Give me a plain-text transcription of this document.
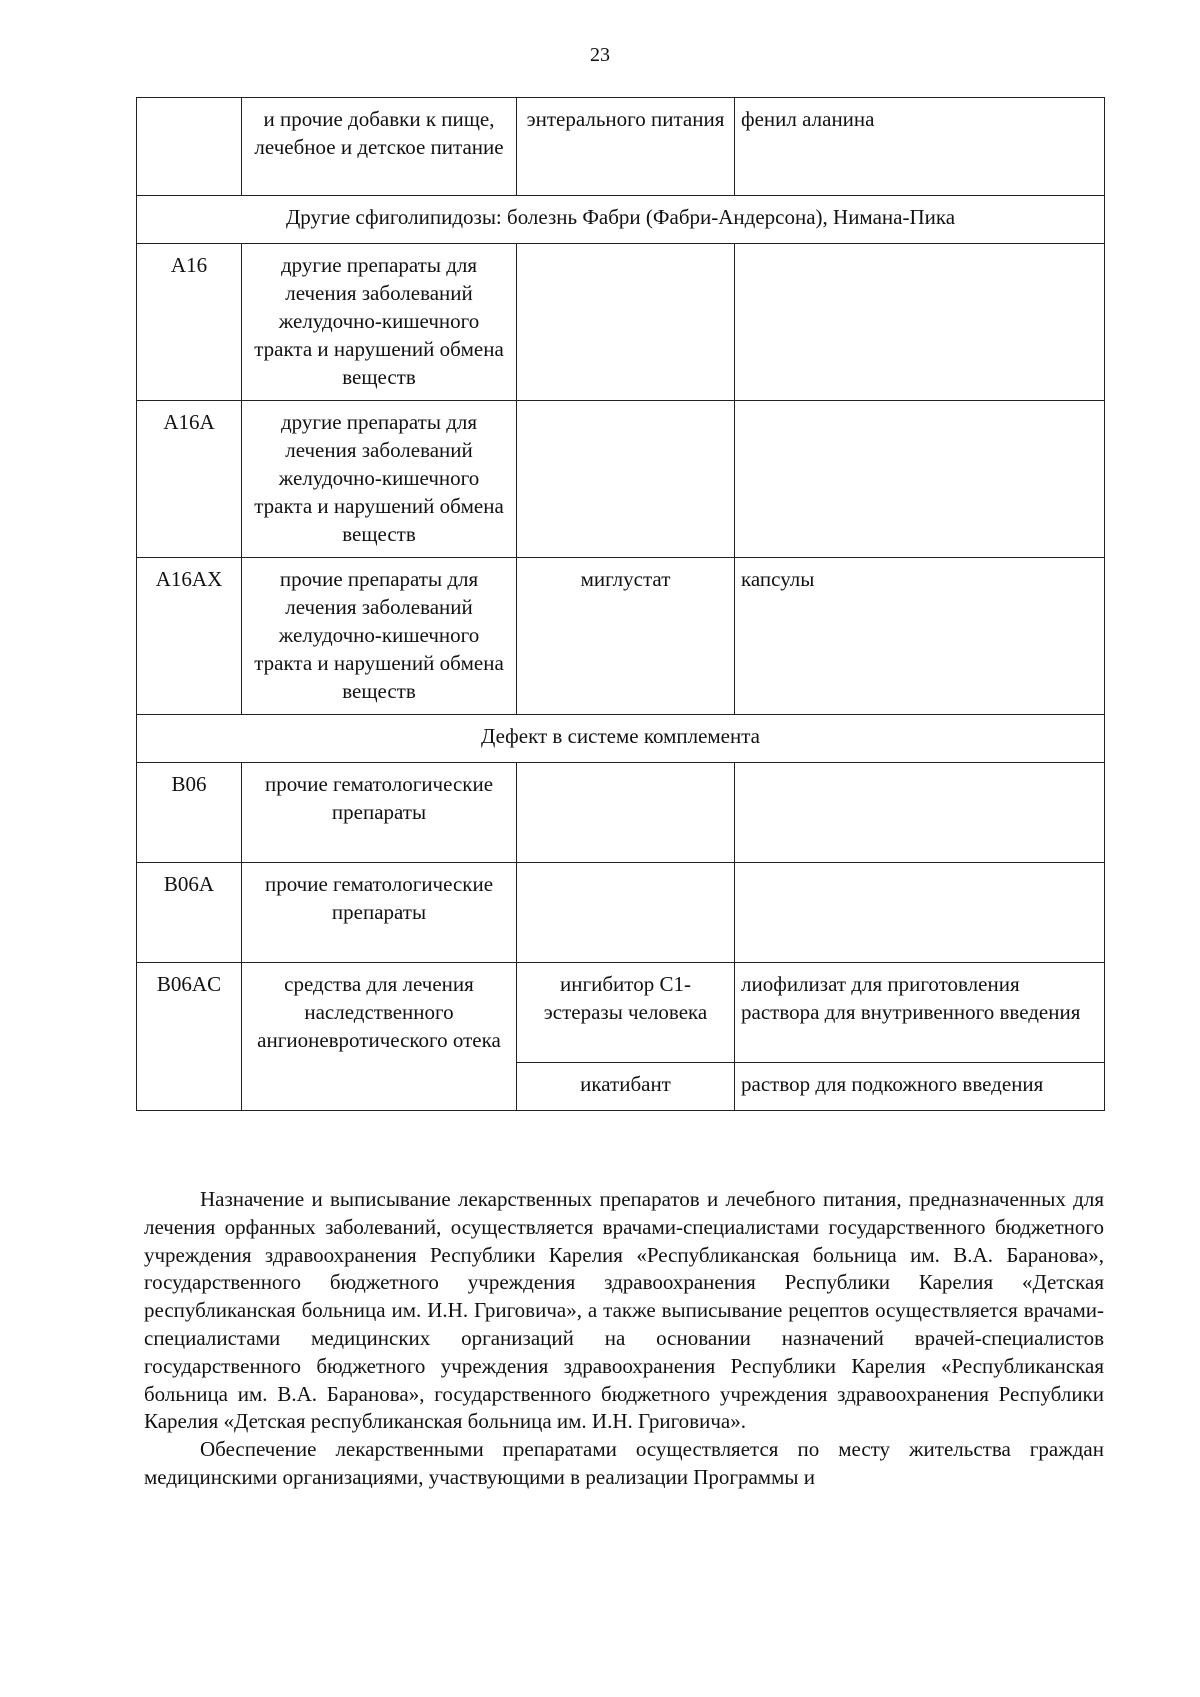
23
	и прочие добавки к пище, лечебное и детское питание	энтерального питания	фенил аланина
Другие сфиголипидозы: болезнь Фабри (Фабри-Андерсона), Нимана-Пика			
A16	другие препараты для лечения заболеваний желудочно-кишечного тракта и нарушений обмена веществ		
A16A	другие препараты для лечения заболеваний желудочно-кишечного тракта и нарушений обмена веществ		
A16AX	прочие препараты для лечения заболеваний желудочно-кишечного тракта и нарушений обмена веществ	миглустат	капсулы
Дефект в системе комплемента			
B06	прочие гематологические препараты		
B06A	прочие гематологические препараты		
B06AC	средства для лечения наследственного ангионевротического отека	ингибитор C1-эстеразы человека	лиофилизат для приготовления раствора для внутривенного введения
		икатибант	раствор для подкожного введения

Назначение и выписывание лекарственных препаратов и лечебного питания, предназначенных для лечения орфанных заболеваний, осуществляется врачами-специалистами государственного бюджетного учреждения здравоохранения Республики Карелия «Республиканская больница им. В.А. Баранова», государственного бюджетного учреждения здравоохранения Республики Карелия «Детская республиканская больница им. И.Н. Григовича», а также выписывание рецептов осуществляется врачами-специалистами медицинских организаций на основании назначений врачей-специалистов государственного бюджетного учреждения здравоохранения Республики Карелия «Республиканская больница им. В.А. Баранова», государственного бюджетного учреждения здравоохранения Республики Карелия «Детская республиканская больница им. И.Н. Григовича».

Обеспечение лекарственными препаратами осуществляется по месту жительства граждан медицинскими организациями, участвующими в реализации Программы и
